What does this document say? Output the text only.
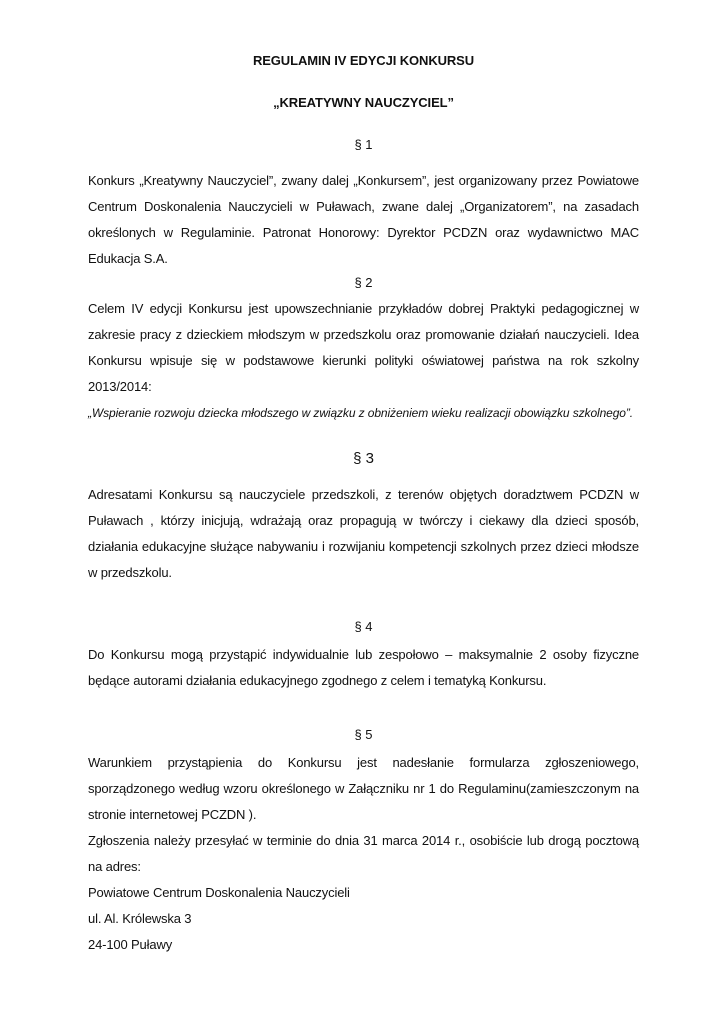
REGULAMIN IV EDYCJI KONKURSU
„KREATYWNY NAUCZYCIEL”
§ 1

Konkurs „Kreatywny Nauczyciel”, zwany dalej „Konkursem”, jest organizowany przez Powiatowe Centrum Doskonalenia Nauczycieli w Puławach, zwane dalej „Organizatorem”, na zasadach określonych w Regulaminie. Patronat Honorowy: Dyrektor PCDZN oraz wydawnictwo MAC Edukacja S.A.

§ 2

Celem IV edycji Konkursu jest upowszechnianie przykładów dobrej Praktyki pedagogicznej w zakresie pracy z dzieckiem młodszym w przedszkolu oraz promowanie działań nauczycieli. Idea Konkursu wpisuje się w podstawowe kierunki polityki oświatowej państwa na rok szkolny 2013/2014:

„Wspieranie rozwoju dziecka młodszego w związku z obniżeniem wieku realizacji obowiązku szkolnego”.

§ 3

Adresatami Konkursu są nauczyciele przedszkoli, z terenów objętych doradztwem PCDZN w Puławach , którzy inicjują, wdrażają oraz propagują w twórczy i ciekawy dla dzieci sposób, działania edukacyjne służące nabywaniu i rozwijaniu kompetencji szkolnych przez dzieci młodsze w przedszkolu.

§ 4

Do Konkursu mogą przystąpić indywidualnie lub zespołowo – maksymalnie 2 osoby fizyczne będące autorami działania edukacyjnego zgodnego z celem i tematyką Konkursu.

§ 5

Warunkiem przystąpienia do Konkursu jest nadesłanie formularza zgłoszeniowego, sporządzonego według wzoru określonego w Załączniku nr 1 do Regulaminu(zamieszczonym na stronie internetowej PCZDN ).

Zgłoszenia należy przesyłać w terminie do dnia 31 marca 2014 r., osobiście lub drogą pocztową na adres:

Powiatowe Centrum Doskonalenia Nauczycieli
ul. Al. Królewska 3
24-100 Puławy
